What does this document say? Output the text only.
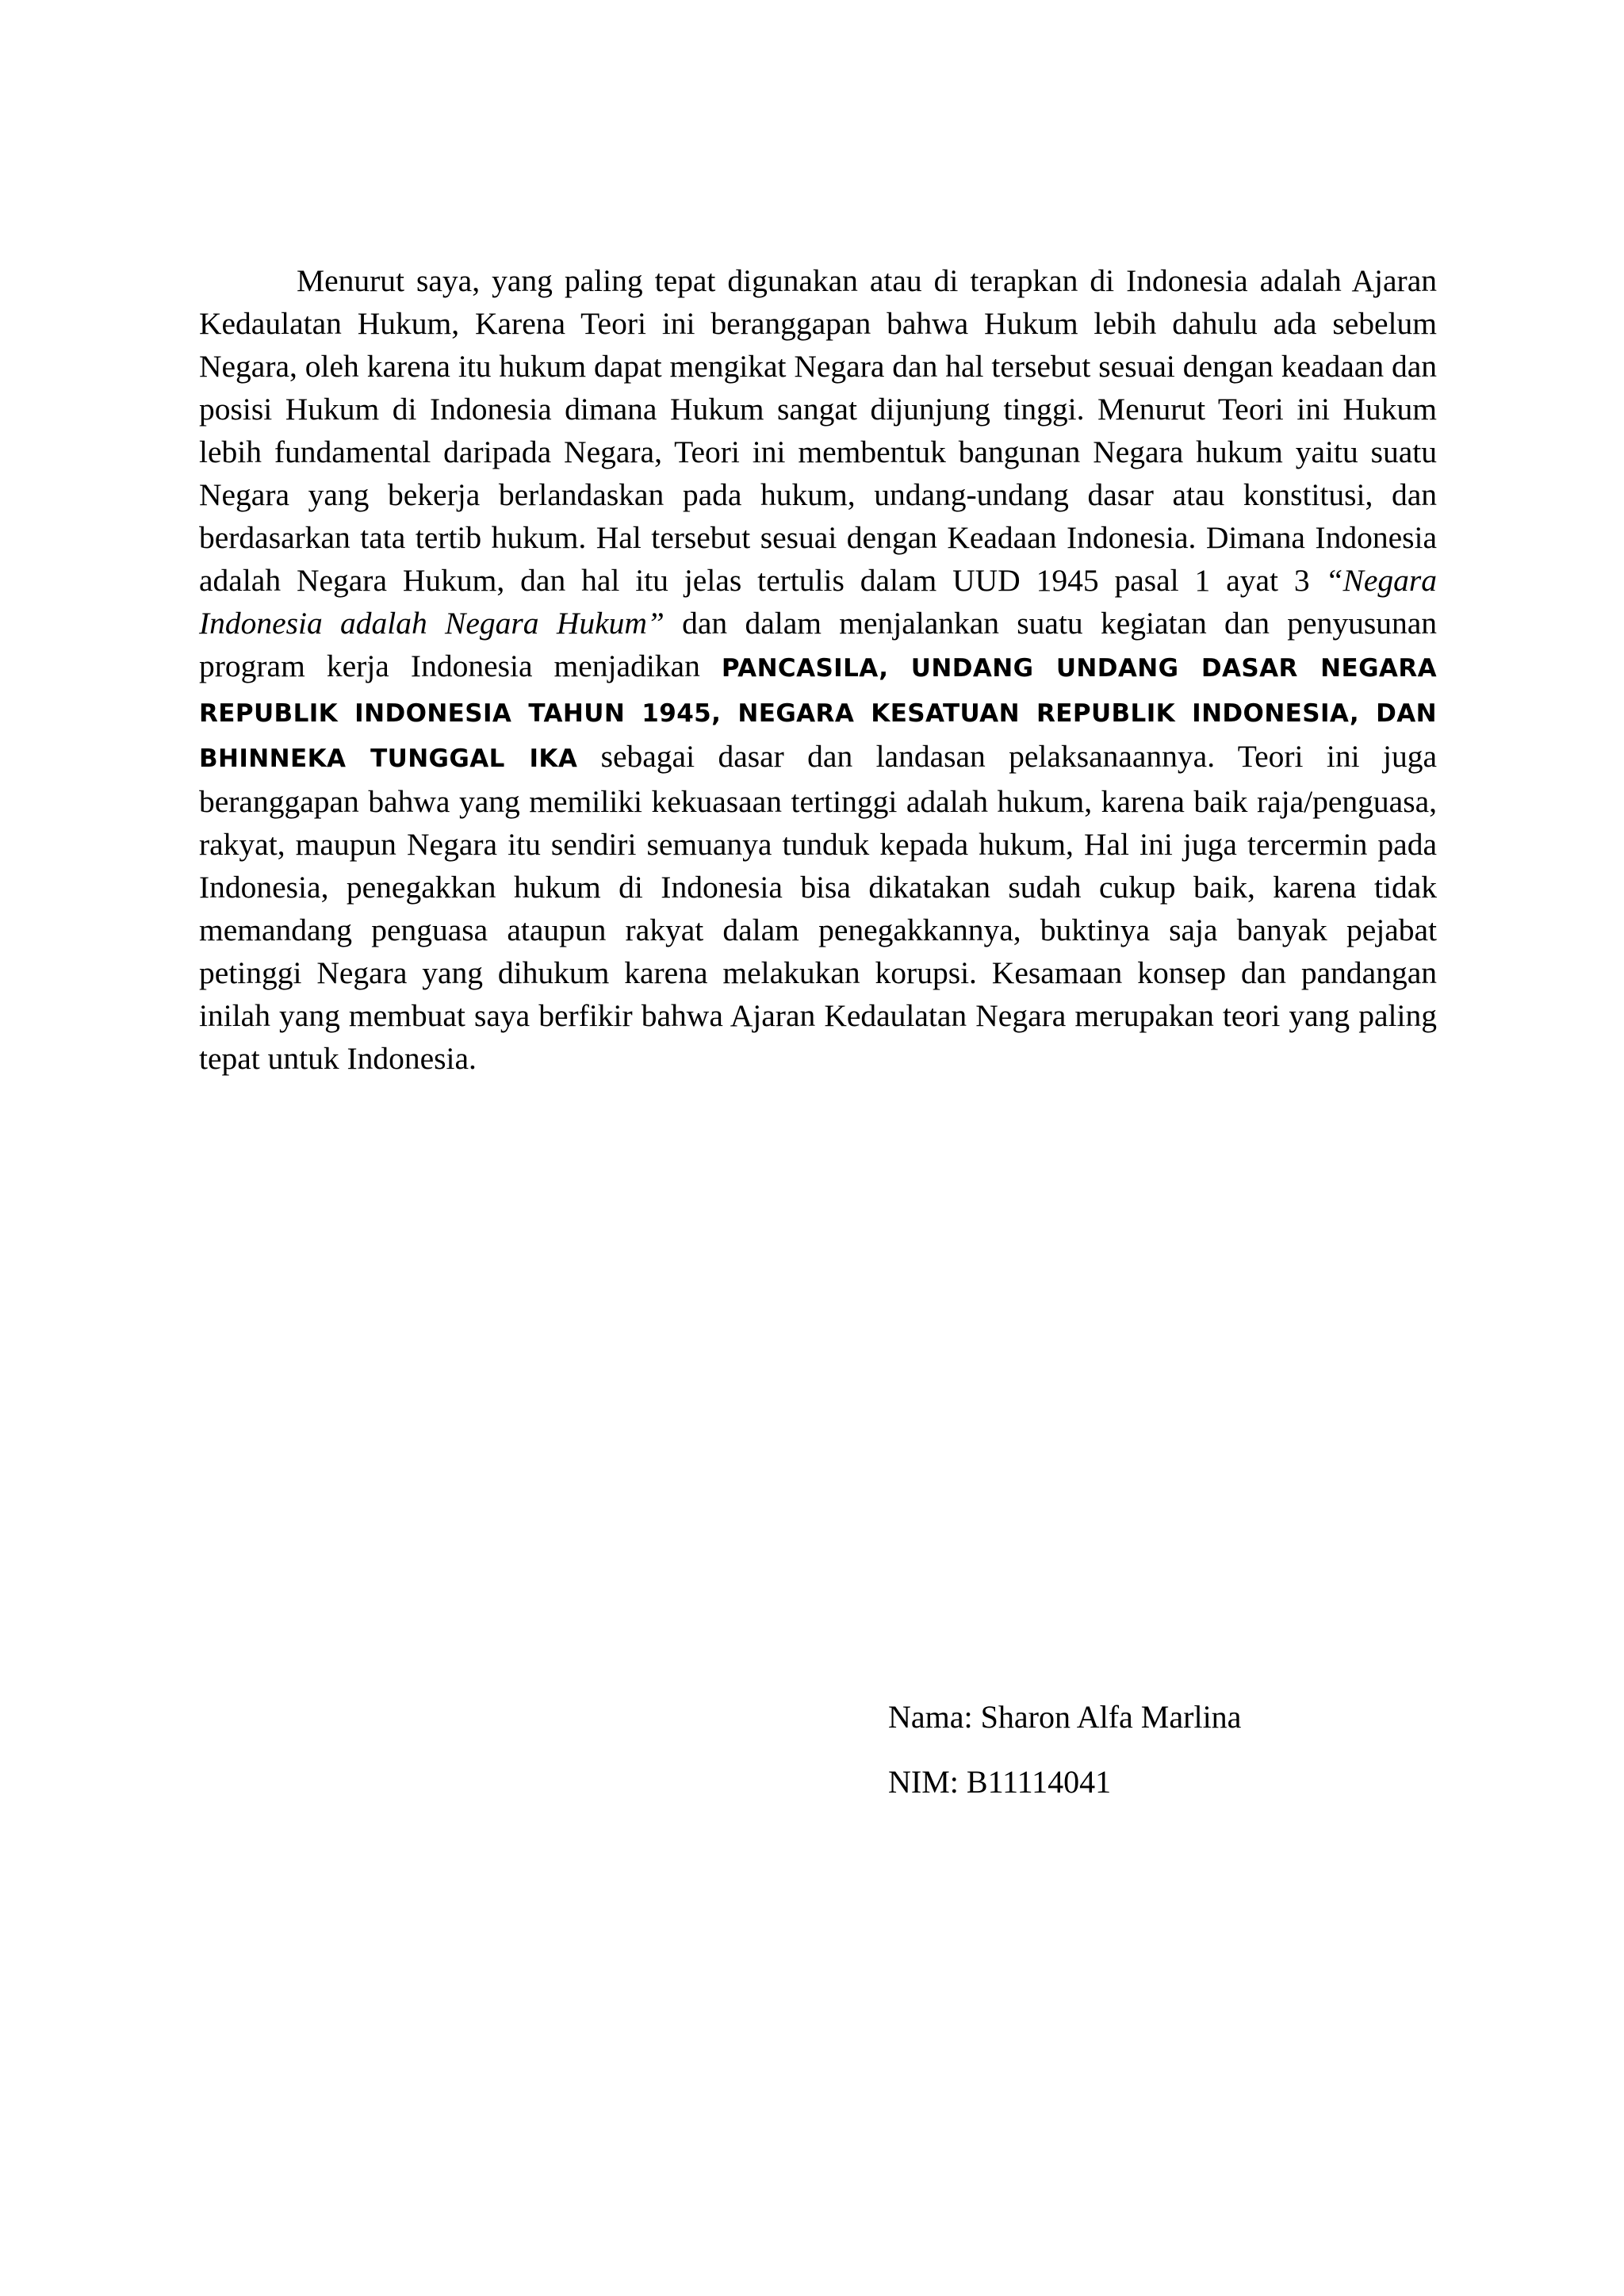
Menurut saya, yang paling tepat digunakan atau di terapkan di Indonesia adalah Ajaran Kedaulatan Hukum, Karena Teori ini beranggapan bahwa Hukum lebih dahulu ada sebelum Negara, oleh karena itu hukum dapat mengikat Negara dan hal tersebut sesuai dengan keadaan dan posisi Hukum di Indonesia dimana Hukum sangat dijunjung tinggi. Menurut Teori ini Hukum lebih fundamental daripada Negara, Teori ini membentuk bangunan Negara hukum yaitu suatu Negara yang bekerja berlandaskan pada hukum, undang-undang dasar atau konstitusi, dan berdasarkan tata tertib hukum. Hal tersebut sesuai dengan Keadaan Indonesia. Dimana Indonesia adalah Negara Hukum, dan hal itu jelas tertulis dalam UUD 1945 pasal 1 ayat 3 “Negara Indonesia adalah Negara Hukum” dan dalam menjalankan suatu kegiatan dan penyusunan program kerja Indonesia menjadikan PANCASILA, UNDANG UNDANG DASAR NEGARA REPUBLIK INDONESIA TAHUN 1945, NEGARA KESATUAN REPUBLIK INDONESIA, DAN BHINNEKA TUNGGAL IKA sebagai dasar dan landasan pelaksanaannya. Teori ini juga beranggapan bahwa yang memiliki kekuasaan tertinggi adalah hukum, karena baik raja/penguasa, rakyat, maupun Negara itu sendiri semuanya tunduk kepada hukum, Hal ini juga tercermin pada Indonesia, penegakkan hukum di Indonesia bisa dikatakan sudah cukup baik, karena tidak memandang penguasa ataupun rakyat dalam penegakkannya, buktinya saja banyak pejabat petinggi Negara yang dihukum karena melakukan korupsi. Kesamaan konsep dan pandangan inilah yang membuat saya berfikir bahwa Ajaran Kedaulatan Negara merupakan teori yang paling tepat untuk Indonesia.

Nama: Sharon Alfa Marlina
NIM: B11114041
